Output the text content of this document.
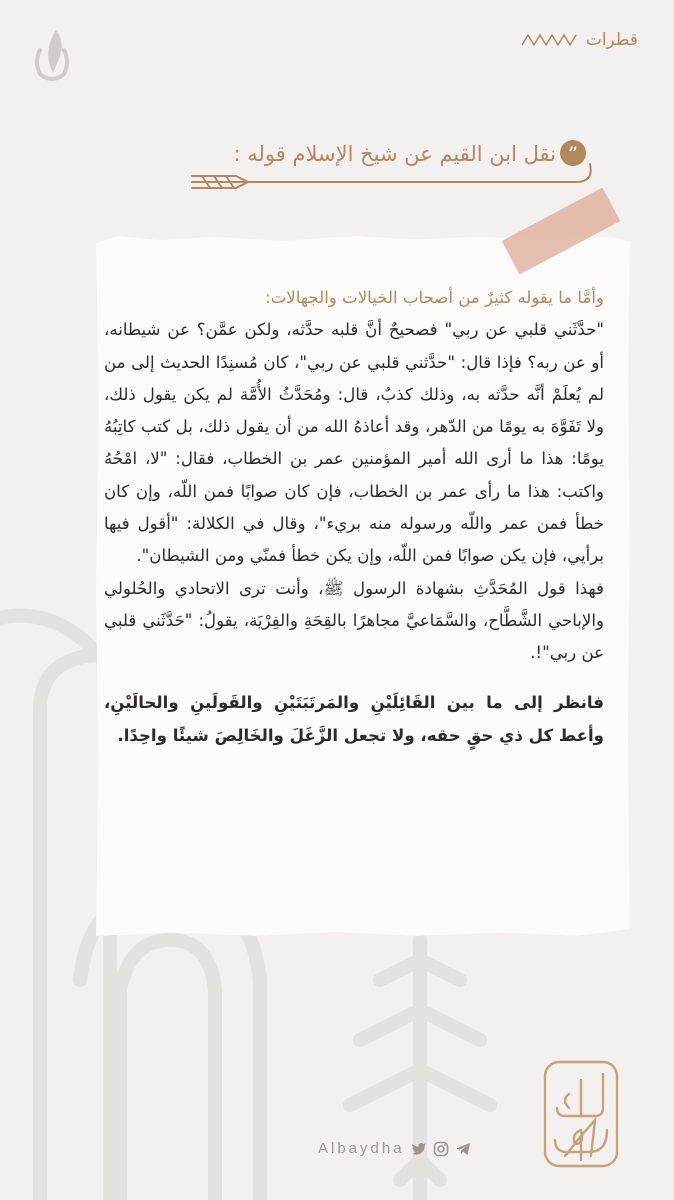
قطرات
نقل ابن القيم عن شيخ الإسلام قوله : ”

وأمَّا ما يقوله كثيرٌ من أصحاب الخيالات والجهالات:

"حدَّثَني قلبي عن ربي" فصحيحٌ أنَّ قلبه حدَّثه، ولكن عمَّن؟ عن شيطانه، أو عن ربه؟ فإذا قال: "حدَّثني قلبي عن ربي"، كان مُسنِدًا الحديث إلى من لم يُعلَمْ أنَّه حدَّثه به، وذلك كذبٌ، قال: ومُحَدَّثُ الأُمَّة لم يكن يقول ذلك، ولا تَفَوَّهَ به يومًا من الدّهر، وقد أعاذهُ الله من أن يقول ذلك، بل كتب كاتِبُهُ يومًا: هذا ما أرى الله أمير المؤمنين عمر بن الخطاب، فقال: "لا، امْحُهُ واكتب: هذا ما رأى عمر بن الخطاب، فإن كان صوابًا فمن اللّه، وإن كان خطأ فمن عمر واللّه ورسوله منه بريء"، وقال في الكلالة: "أقول فيها برأيي، فإن يكن صوابًا فمن اللّه، وإن يكن خطأ فمنّي ومن الشيطان".

فهذا قول المُحَدَّثِ بشهادة الرسول ﷺ، وأنت ترى الاتحادي والحُلولي والإباحي الشَّطَّاح، والسَّمَاعيَّ مجاهرًا بالقِحَةِ والفِرْيَة، يقولُ: "حَدَّثَني قلبي عن ربي"!.

فانظر إلى ما بين القَائِلَيْنِ والمَرتَبَتَيْنِ والقَولَينِ والحالَيْنِ، وأعط كل ذي حقٍ حقه، ولا تجعل الزَّغَلَ والخَالِصَ شيئًا واحِدًا.

Albaydha
